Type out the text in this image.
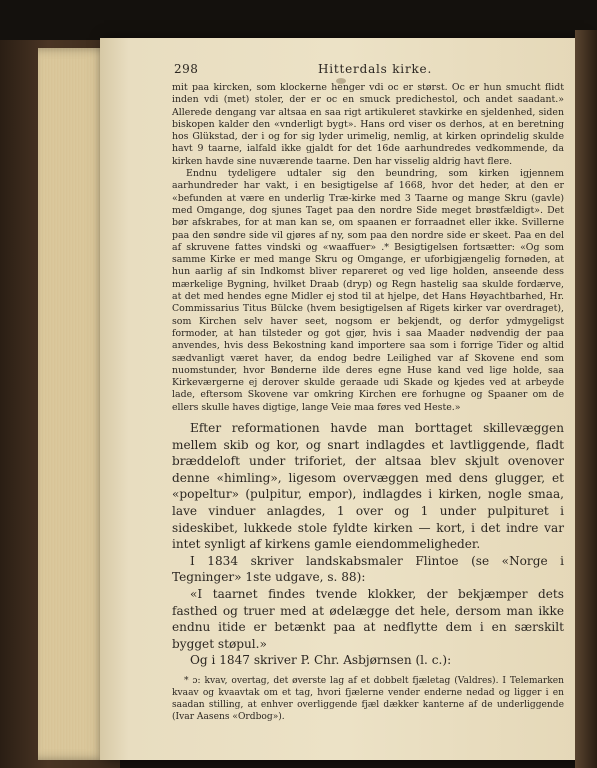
298	Hitterdals kirke.

mit paa kircken, som klockerne henger vdi oc er størst. Oc er hun smucht flidt inden vdi (met) stoler, der er oc en smuck predichestol, och andet saadant.» Allerede dengang var altsaa en saa rigt artikuleret stavkirke en sjeldenhed, siden biskopen kalder den «vnderligt bygt». Hans ord viser os derhos, at en beretning hos Glükstad, der i og for sig lyder urimelig, nemlig, at kirken oprindelig skulde havt 9 taarne, ialfald ikke gjaldt for det 16de aarhundredes vedkommende, da kirken havde sine nuværende taarne. Den har visselig aldrig havt flere.

Endnu tydeligere udtaler sig den beundring, som kirken igjennem aarhundreder har vakt, i en besigtigelse af 1668, hvor det heder, at den er «befunden at være en underlig Træ-kirke med 3 Taarne og mange Skru (gavle) med Omgange, dog sjunes Taget paa den nordre Side meget brøstfældigt». Det bør afskrabes, for at man kan se, om spaanen er forraadnet eller ikke. Svillerne paa den søndre side vil gjøres af ny, som paa den nordre side er skeet. Paa en del af skruvene fattes vindski og «waaffuer» .* Besigtigelsen fortsætter: «Og som samme Kirke er med mange Skru og Omgange, er uforbigjængelig fornøden, at hun aarlig af sin Indkomst bliver repareret og ved lige holden, anseende dess mærkelige Bygning, hvilket Draab (dryp) og Regn hastelig saa skulde fordærve, at det med hendes egne Midler ej stod til at hjelpe, det Hans Høyachtbarhed, Hr. Commissarius Titus Bülcke (hvem besigtigelsen af Rigets kirker var overdraget), som Kirchen selv haver seet, nogsom er bekjendt, og derfor ydmygeligst formoder, at han tilsteder og got gjør, hvis i saa Maader nødvendig der paa anvendes, hvis dess Bekostning kand importere saa som i forrige Tider og altid sædvanligt været haver, da endog bedre Leilighed var af Skovene end som nuomstunder, hvor Bønderne ilde deres egne Huse kand ved lige holde, saa Kirkeværgerne ej derover skulde geraade udi Skade og kjedes ved at arbeyde lade, eftersom Skovene var omkring Kirchen ere forhugne og Spaaner om de ellers skulle haves digtige, lange Veie maa føres ved Heste.»

Efter reformationen havde man borttaget skillevæggen mellem skib og kor, og snart indlagdes et lavtliggende, fladt bræddeloft under triforiet, der altsaa blev skjult ovenover denne «himling», ligesom overvæggen med dens glugger, et «popeltur» (pulpitur, empor), indlagdes i kirken, nogle smaa, lave vinduer anlagdes, 1 over og 1 under pulpituret i sideskibet, lukkede stole fyldte kirken — kort, i det indre var intet synligt af kirkens gamle eiendommeligheder.

I 1834 skriver landskabsmaler Flintoe (se «Norge i Tegninger» 1ste udgave, s. 88):

«I taarnet findes tvende klokker, der bekjæmper dets fasthed og truer med at ødelægge det hele, dersom man ikke endnu itide er betænkt paa at nedflytte dem i en særskilt bygget støpul.»

Og i 1847 skriver P. Chr. Asbjørnsen (l. c.):

* ɔ: kvav, overtag, det øverste lag af et dobbelt fjæletag (Valdres). I Telemarken kvaav og kvaavtak om et tag, hvori fjælerne vender enderne nedad og ligger i en saadan stilling, at enhver overliggende fjæl dækker kanterne af de underliggende (Ivar Aasens «Ordbog»).
